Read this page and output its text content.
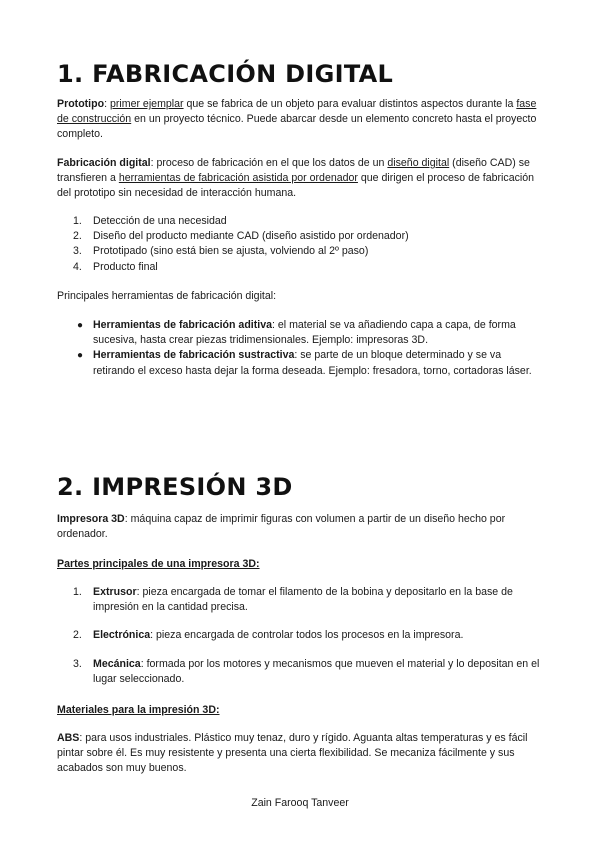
1. FABRICACIÓN DIGITAL

Prototipo: primer ejemplar que se fabrica de un objeto para evaluar distintos aspectos durante la fase de construcción en un proyecto técnico. Puede abarcar desde un elemento concreto hasta el proyecto completo.

Fabricación digital: proceso de fabricación en el que los datos de un diseño digital (diseño CAD) se transfieren a herramientas de fabricación asistida por ordenador que dirigen el proceso de fabricación del prototipo sin necesidad de interacción humana.

1. Detección de una necesidad
2. Diseño del producto mediante CAD (diseño asistido por ordenador)
3. Prototipado (sino está bien se ajusta, volviendo al 2º paso)
4. Producto final

Principales herramientas de fabricación digital:

● Herramientas de fabricación aditiva: el material se va añadiendo capa a capa, de forma sucesiva, hasta crear piezas tridimensionales. Ejemplo: impresoras 3D.
● Herramientas de fabricación sustractiva: se parte de un bloque determinado y se va retirando el exceso hasta dejar la forma deseada. Ejemplo: fresadora, torno, cortadoras láser.
2. IMPRESIÓN 3D

Impresora 3D: máquina capaz de imprimir figuras con volumen a partir de un diseño hecho por ordenador.

Partes principales de una impresora 3D:

1. Extrusor: pieza encargada de tomar el filamento de la bobina y depositarlo en la base de impresión en la cantidad precisa.
2. Electrónica: pieza encargada de controlar todos los procesos en la impresora.
3. Mecánica: formada por los motores y mecanismos que mueven el material y lo depositan en el lugar seleccionado.

Materiales para la impresión 3D:

ABS: para usos industriales. Plástico muy tenaz, duro y rígido. Aguanta altas temperaturas y es fácil pintar sobre él. Es muy resistente y presenta una cierta flexibilidad. Se mecaniza fácilmente y sus acabados son muy buenos.

Zain Farooq Tanveer
